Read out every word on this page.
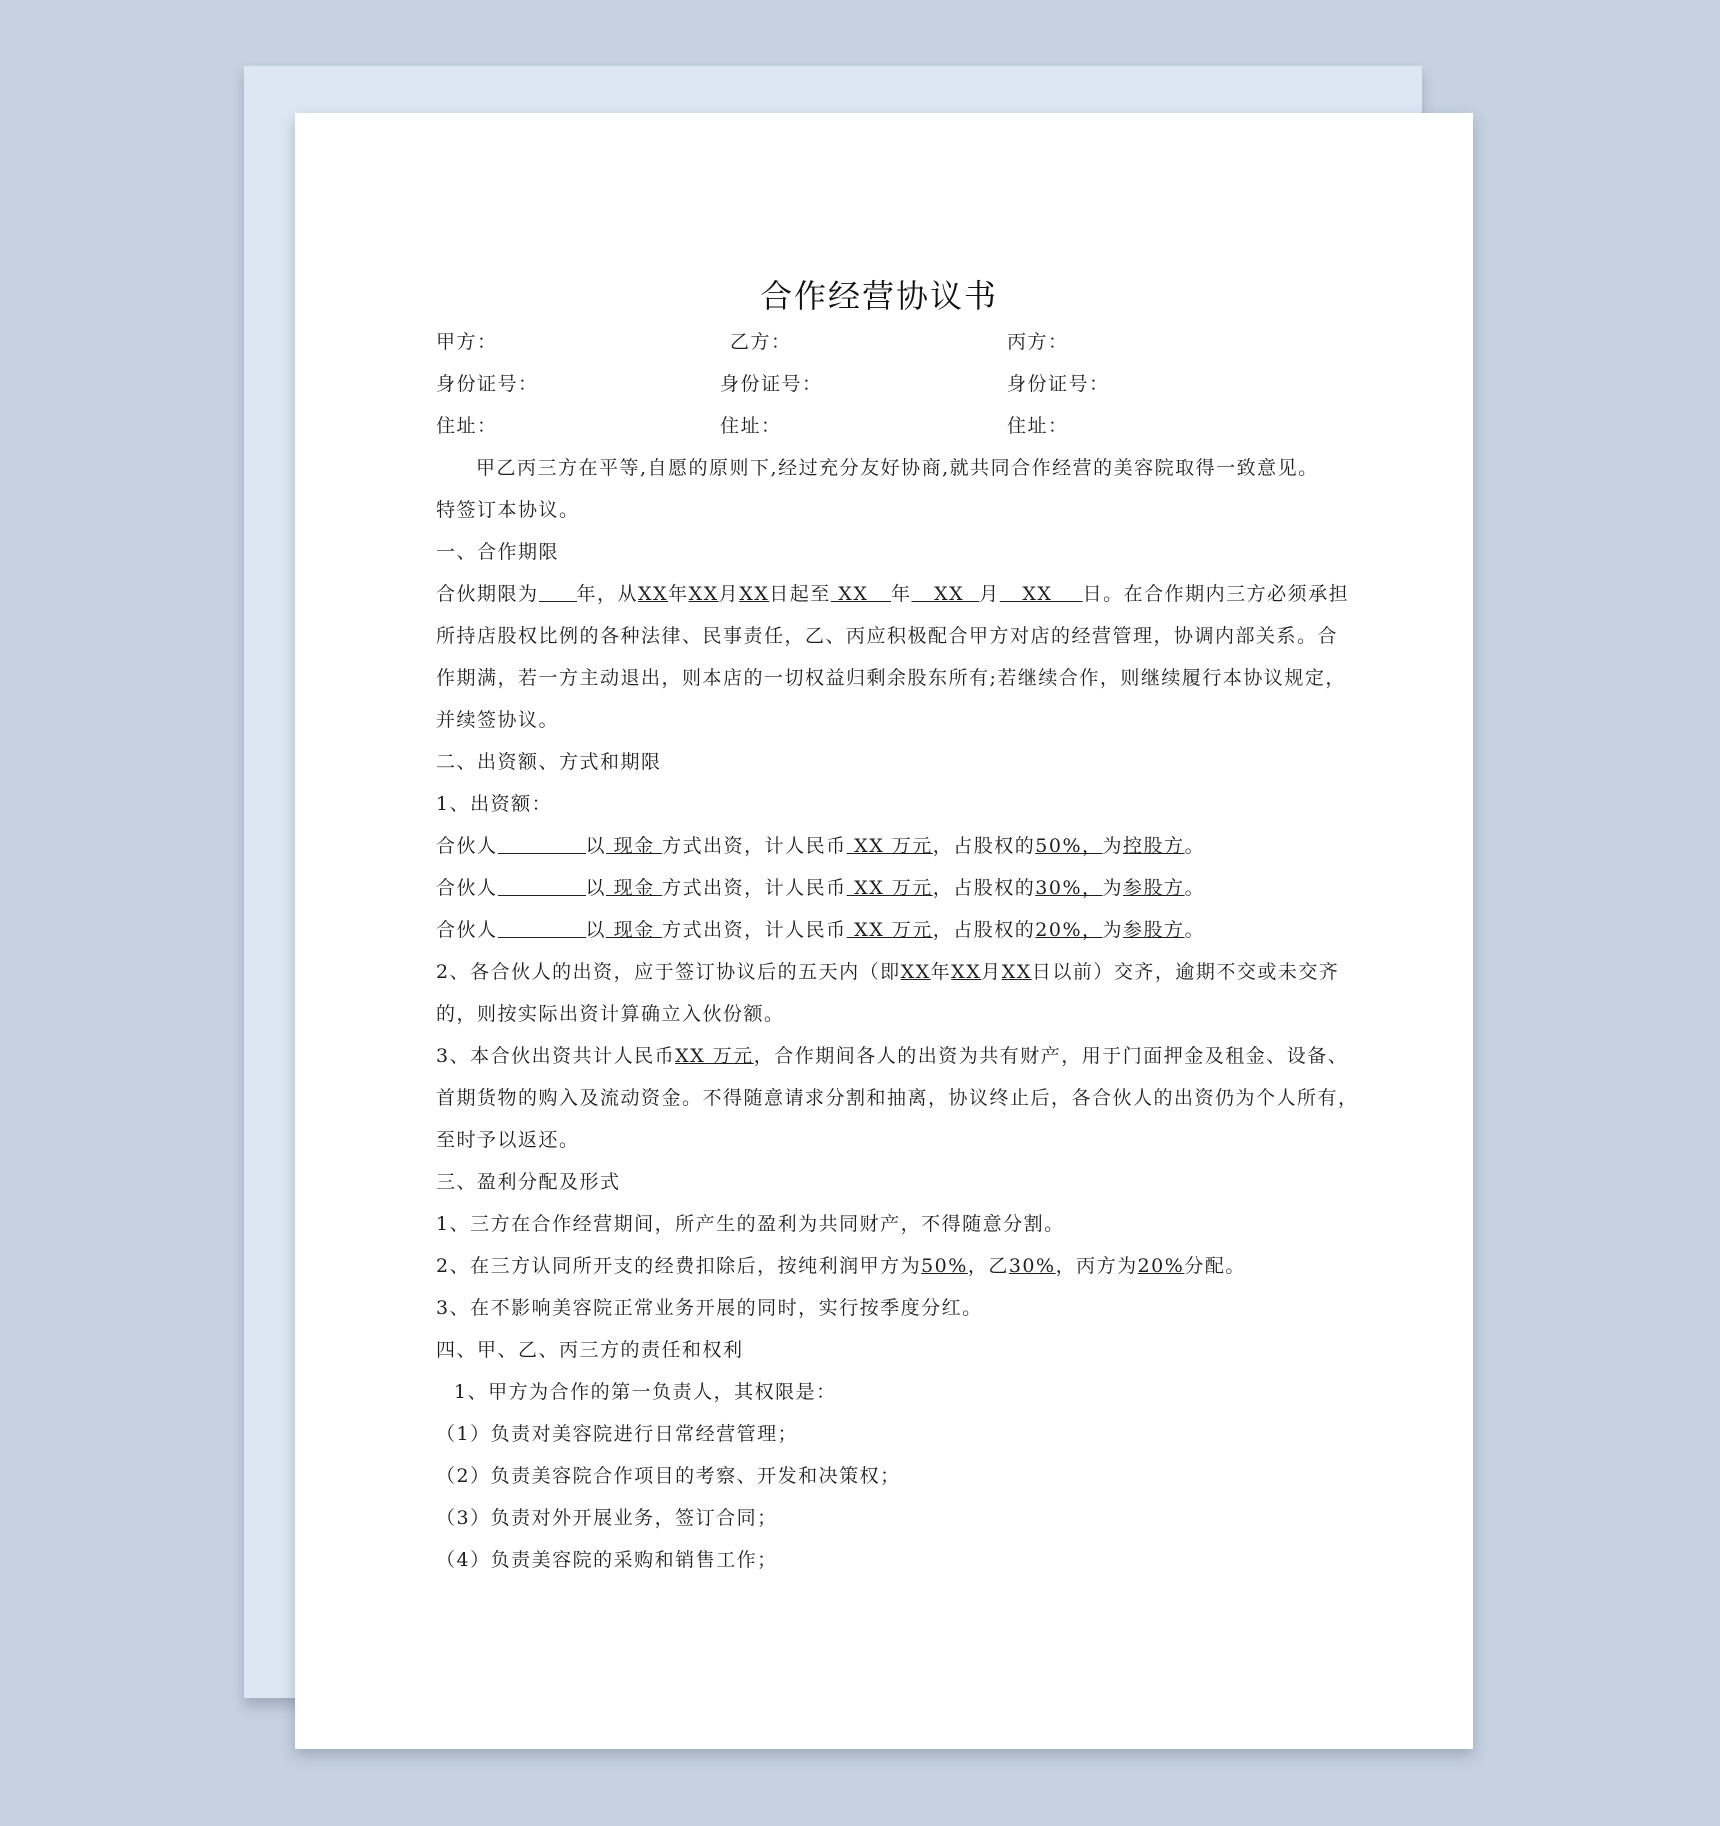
合作经营协议书
甲方：	乙方：	丙方：
身份证号：	身份证号：	身份证号：
住址：	住址：	住址：
甲乙丙三方在平等,自愿的原则下,经过充分友好协商,就共同合作经营的美容院取得一致意见。
特签订本协议。
一、合作期限
合伙期限为 年，从XX年XX月XX日起至 XX   年   XX  月   XX    日。在合作期内三方必须承担
所持店股权比例的各种法律、民事责任，乙、丙应积极配合甲方对店的经营管理，协调内部关系。合
作期满，若一方主动退出，则本店的一切权益归剩余股东所有;若继续合作，则继续履行本协议规定，
并续签协议。
二、出资额、方式和期限
1、出资额：
合伙人	以 现金 方式出资，计人民币 XX 万元，占股权的50%，为控股方。
合伙人	以 现金 方式出资，计人民币 XX 万元，占股权的30%，为参股方。
合伙人	以 现金 方式出资，计人民币 XX 万元，占股权的20%，为参股方。
2、各合伙人的出资，应于签订协议后的五天内（即XX年XX月XX日以前）交齐，逾期不交或未交齐
的，则按实际出资计算确立入伙份额。
3、本合伙出资共计人民币XX 万元，合作期间各人的出资为共有财产，用于门面押金及租金、设备、
首期货物的购入及流动资金。不得随意请求分割和抽离，协议终止后，各合伙人的出资仍为个人所有，
至时予以返还。
三、盈利分配及形式
1、三方在合作经营期间，所产生的盈利为共同财产，不得随意分割。
2、在三方认同所开支的经费扣除后，按纯利润甲方为50%，乙30%，丙方为20%分配。
3、在不影响美容院正常业务开展的同时，实行按季度分红。
四、甲、乙、丙三方的责任和权利
1、甲方为合作的第一负责人，其权限是：
（1）负责对美容院进行日常经营管理；
（2）负责美容院合作项目的考察、开发和决策权；
（3）负责对外开展业务，签订合同；
（4）负责美容院的采购和销售工作；
